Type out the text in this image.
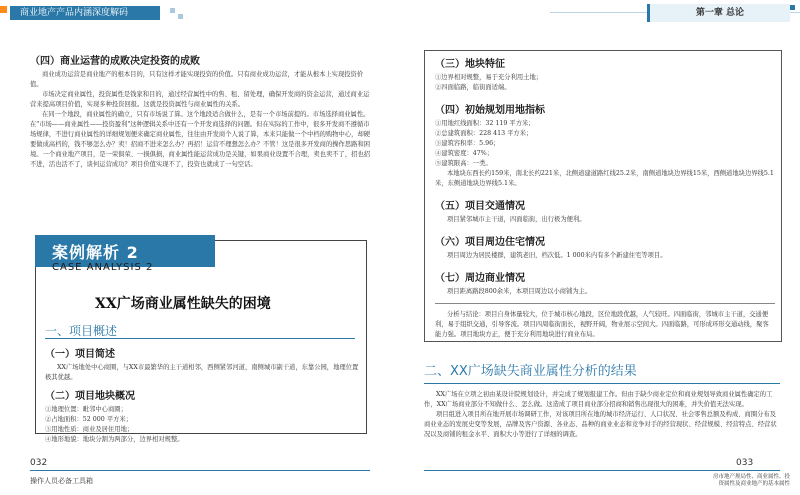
商业地产产品内涵深度解码	第一章 总论

（四）商业运营的成败决定投资的成败

商业成功运营是商业地产的根本目的，只有这样才能实现投资的价值。只有商业成功运营，才能从根本上实现投资价值。

市场决定商业属性，投资属性是钱家和目的，通过经营属性中的售、租、留处理，确保开发商的资金运营，通过商业运营来提高项目价值，实现多种投资回报。这就是投资属性与商业属性的关系。

在同一个地段，商业属性的确立，只有市场说了算。这个地段适合做什么，是有一个市场前提的。市场选择商业属性。在"市场——商业属性——投资盈利"这种逻辑关系中还有一个开发商选择的问题。但在实际的工作中，很多开发商不遵循市场规律，不进行商业属性的详细规划便来确定商业属性，往往由开发商个人说了算，本来只能做一个中档的购物中心，却硬要做成高档的，钱不够怎么办？卖！招商不进来怎么办？再招！运营不理想怎么办？不管！这是很多开发商的操作思路和困境。一个商业地产项目，是一荣俱荣、一损俱损，商业属性能运营成功是关键，如果商业设置不合理，卖也卖不了，招也招不进，活也活不了，谈何运营成功？项目价值实现不了，投资也就成了一句空话。

案例解析 2
CASE ANALYSIS 2
XX广场商业属性缺失的困境

一、项目概述

（一）项目简述

XX广场地处中心商圈，与XX市最繁华的主干道相邻，西侧紧邻河道，南侧城市副干道，东靠公园，地理位置极其优越。

（二）项目地块概况

①地理位置：毗邻中心商圈；

②占地面积：52 000 平方米；

③用地性质：商业及居住用地；

④地形地貌：地块分割为两部分，边界相对规整。

032
操作人员必备工具箱

（三）地块特征

①边界相对规整，易于充分利用土地；

②四面临路，临街面适端。

（四）初始规划用地指标

①用地红线面积：32 119 平方米；

②总建筑面积：228 413 平方米；

③建筑容积率：5.96；

④建筑密度：47%；

⑤建筑限高：一类。

本地块东西长约159米，南北长约221米，北侧道建道路红线25.2米，南侧道地块边界线15米，西侧道地块边界线5.1米，东侧道地块边界线5.1米。

（五）项目交通情况

项目紧邻城市主干道，四面临街，出行极为便利。

（六）项目周边住宅情况

项目周边为居民楼群，建筑老旧，档次低。1 000米内有多个新建住宅等项目。

（七）周边商业情况

项目距离路段800余米，本项目周边以小商铺为主。

分析与结论：项目自身体量较大，位于城市核心地段，区位地段优越，人气较旺。四面临街，邻城市主干道，交通便利，易于组织交通，引导客流。项目四周临街面长，视野开阔，物业展示空间大。四面临路，可形成环形交通动线，聚客能力强。项目地块方正，便于充分利用地块进行商业布局。

二、XX广场缺失商业属性分析的结果

XX广场在立项之初由某设计院规划设计，并完成了规划报建工作。但由于缺少商业定位和商业规划导致商业属性确定的工作，XX广场商业部分不知做什么、怎么做。这造成了项目商业部分招商和销售出现很大的困难，并失价值无法实现。

项目组进入项目所在地开展市场调研工作，对该项目所在地的城市经济运行、人口状况、社会零售总额及构成、商圈分布及商业业态的发展史变等发展，品牌及客户资源、各业态、品种的商业业态和竞争对手的经营现状、经营规模、经营特点、经营状况以及商铺的租金水平、面积大小等进行了详细的调查。

033
房市地产规局性、商业属性、投
资属性及商业地产的基本属性
